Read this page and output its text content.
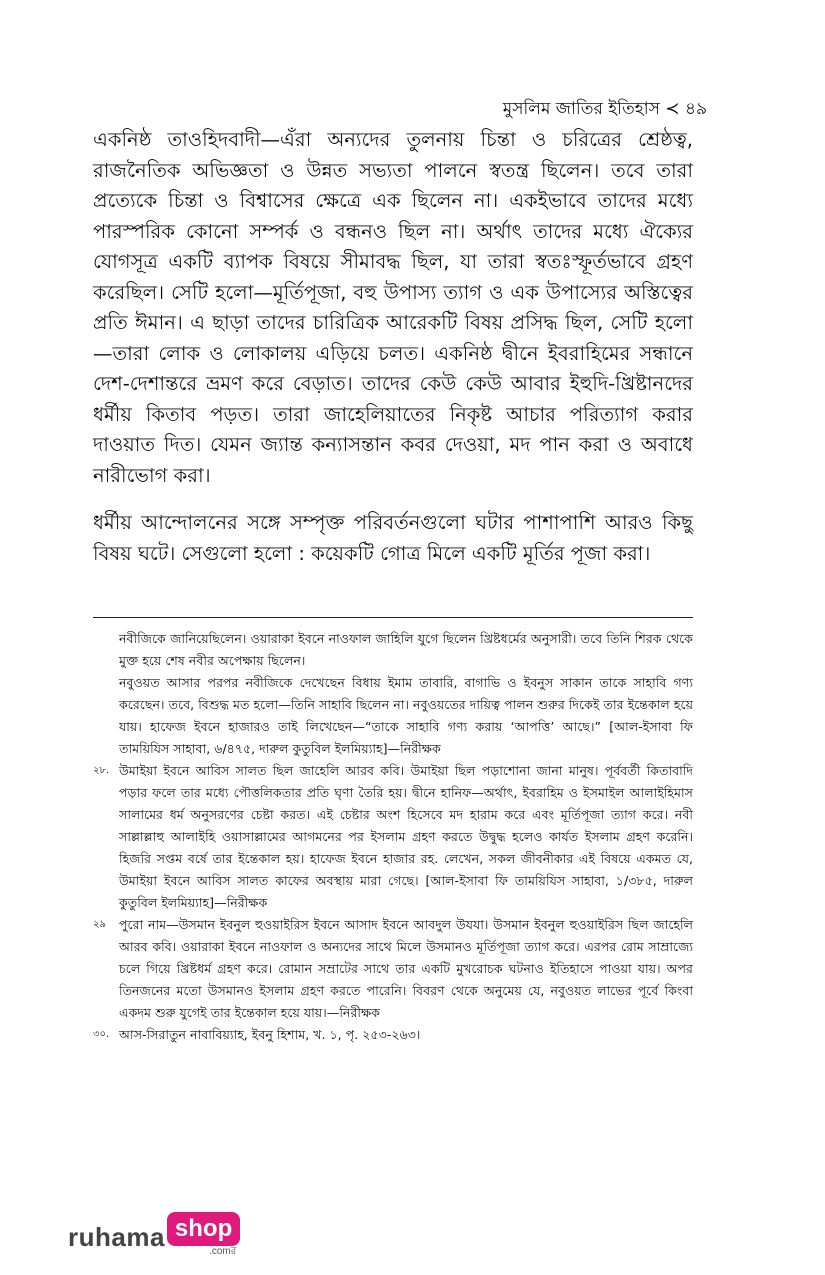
মুসলিম জাতির ইতিহাস ≺ ৪৯

একনিষ্ঠ তাওহিদবাদী—এঁরা অন্যদের তুলনায় চিন্তা ও চরিত্রের শ্রেষ্ঠত্ব, রাজনৈতিক অভিজ্ঞতা ও উন্নত সভ্যতা পালনে স্বতন্ত্র ছিলেন। তবে তারা প্রত্যেকে চিন্তা ও বিশ্বাসের ক্ষেত্রে এক ছিলেন না। একইভাবে তাদের মধ্যে পারস্পরিক কোনো সম্পর্ক ও বন্ধনও ছিল না। অর্থাৎ তাদের মধ্যে ঐক্যের যোগসূত্র একটি ব্যাপক বিষয়ে সীমাবদ্ধ ছিল, যা তারা স্বতঃস্ফূর্তভাবে গ্রহণ করেছিল। সেটি হলো—মূর্তিপূজা, বহু উপাস্য ত্যাগ ও এক উপাস্যের অস্তিত্বের প্রতি ঈমান। এ ছাড়া তাদের চারিত্রিক আরেকটি বিষয় প্রসিদ্ধ ছিল, সেটি হলো—তারা লোক ও লোকালয় এড়িয়ে চলত। একনিষ্ঠ দ্বীনে ইবরাহিমের সন্ধানে দেশ-দেশান্তরে ভ্রমণ করে বেড়াত। তাদের কেউ কেউ আবার ইহুদি-খ্রিষ্টানদের ধর্মীয় কিতাব পড়ত। তারা জাহেলিয়াতের নিকৃষ্ট আচার পরিত্যাগ করার দাওয়াত দিত। যেমন জ্যান্ত কন্যাসন্তান কবর দেওয়া, মদ পান করা ও অবাধে নারীভোগ করা।

ধর্মীয় আন্দোলনের সঙ্গে সম্পৃক্ত পরিবর্তনগুলো ঘটার পাশাপাশি আরও কিছু বিষয় ঘটে। সেগুলো হলো : কয়েকটি গোত্র মিলে একটি মূর্তির পূজা করা।

নবীজিকে জানিয়েছিলেন। ওয়ারাকা ইবনে নাওফাল জাহিলি যুগে ছিলেন খ্রিষ্টধর্মের অনুসারী। তবে তিনি শিরক থেকে মুক্ত হয়ে শেষ নবীর অপেক্ষায় ছিলেন।

নবুওয়ত আসার পরপর নবীজিকে দেখেছেন বিধায় ইমাম তাবারি, বাগাভি ও ইবনুস সাকান তাকে সাহাবি গণ্য করেছেন। তবে, বিশুদ্ধ মত হলো—তিনি সাহাবি ছিলেন না। নবুওয়তের দায়িত্ব পালন শুরুর দিকেই তার ইন্তেকাল হয়ে যায়। হাফেজ ইবনে হাজারও তাই লিখেছেন—“তাকে সাহাবি গণ্য করায় ‘আপত্তি’ আছে।” [আল-ইসাবা ফি তাময়িযিস সাহাবা, ৬/৪৭৫, দারুল কুতুবিল ইলমিয়্যাহ]—নিরীক্ষক

২৮. উমাইয়া ইবনে আবিস সালত ছিল জাহেলি আরব কবি। উমাইয়া ছিল পড়াশোনা জানা মানুষ। পূর্ববর্তী কিতাবাদি পড়ার ফলে তার মধ্যে পৌত্তলিকতার প্রতি ঘৃণা তৈরি হয়। দ্বীনে হানিফ—অর্থাৎ, ইবরাহিম ও ইসমাইল আলাইহিমাস সালামের ধর্ম অনুসরণের চেষ্টা করত। এই চেষ্টার অংশ হিসেবে মদ হারাম করে এবং মূর্তিপূজা ত্যাগ করে। নবী সাল্লাল্লাহু আলাইহি ওয়াসাল্লামের আগমনের পর ইসলাম গ্রহণ করতে উদ্বুদ্ধ হলেও কার্যত ইসলাম গ্রহণ করেনি। হিজরি সপ্তম বর্ষে তার ইন্তেকাল হয়। হাফেজ ইবনে হাজার রহ. লেখেন, সকল জীবনীকার এই বিষয়ে একমত যে, উমাইয়া ইবনে আবিস সালত কাফের অবস্থায় মারা গেছে। [আল-ইসাবা ফি তাময়িযিস সাহাবা, ১/৩৮৫, দারুল কুতুবিল ইলমিয়্যাহ]—নিরীক্ষক

২৯ পুরো নাম—উসমান ইবনুল হুওয়াইরিস ইবনে আসাদ ইবনে আবদুল উযযা। উসমান ইবনুল হুওয়াইরিস ছিল জাহেলি আরব কবি। ওয়ারাকা ইবনে নাওফাল ও অন্যদের সাথে মিলে উসমানও মূর্তিপূজা ত্যাগ করে। এরপর রোম সাম্রাজ্যে চলে গিয়ে খ্রিষ্টধর্ম গ্রহণ করে। রোমান সম্রাটের সাথে তার একটি মুখরোচক ঘটনাও ইতিহাসে পাওয়া যায়। অপর তিনজনের মতো উসমানও ইসলাম গ্রহণ করতে পারেনি। বিবরণ থেকে অনুমেয় যে, নবুওয়ত লাভের পূর্বে কিংবা একদম শুরু যুগেই তার ইন্তেকাল হয়ে যায়।—নিরীক্ষক

৩০. আস-সিরাতুন নাবাবিয়্যাহ, ইবনু হিশাম, খ. ১, পৃ. ২৫৩-২৬৩।

ruhama shop
.comর
